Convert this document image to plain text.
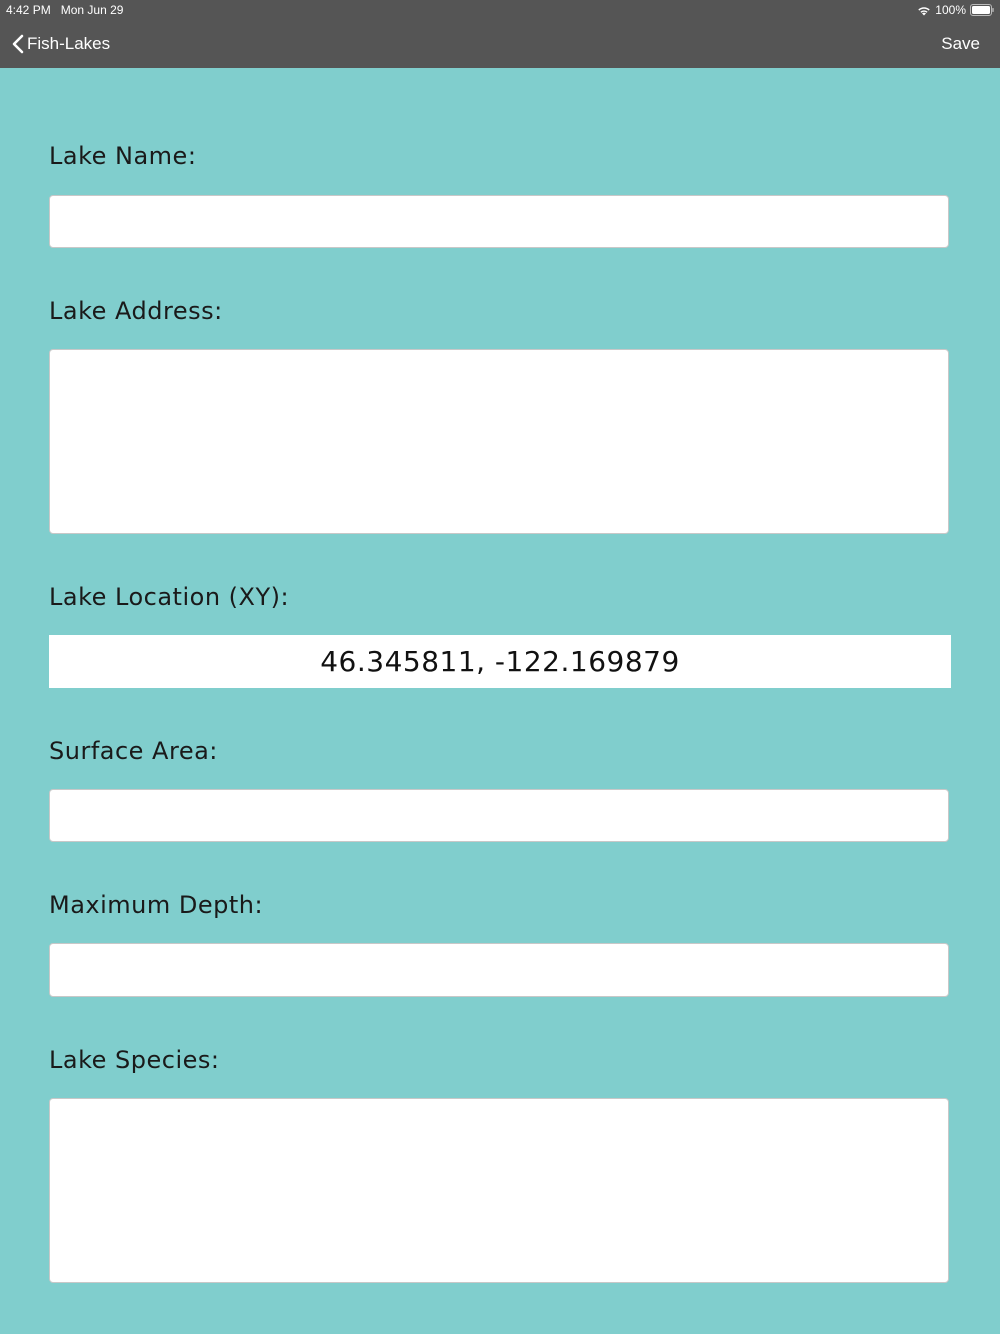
4:42 PM Mon Jun 29	100%
Fish-Lakes	Save
Lake Name:
Lake Address:
Lake Location (XY):
46.345811, -122.169879
Surface Area:
Maximum Depth:
Lake Species:
